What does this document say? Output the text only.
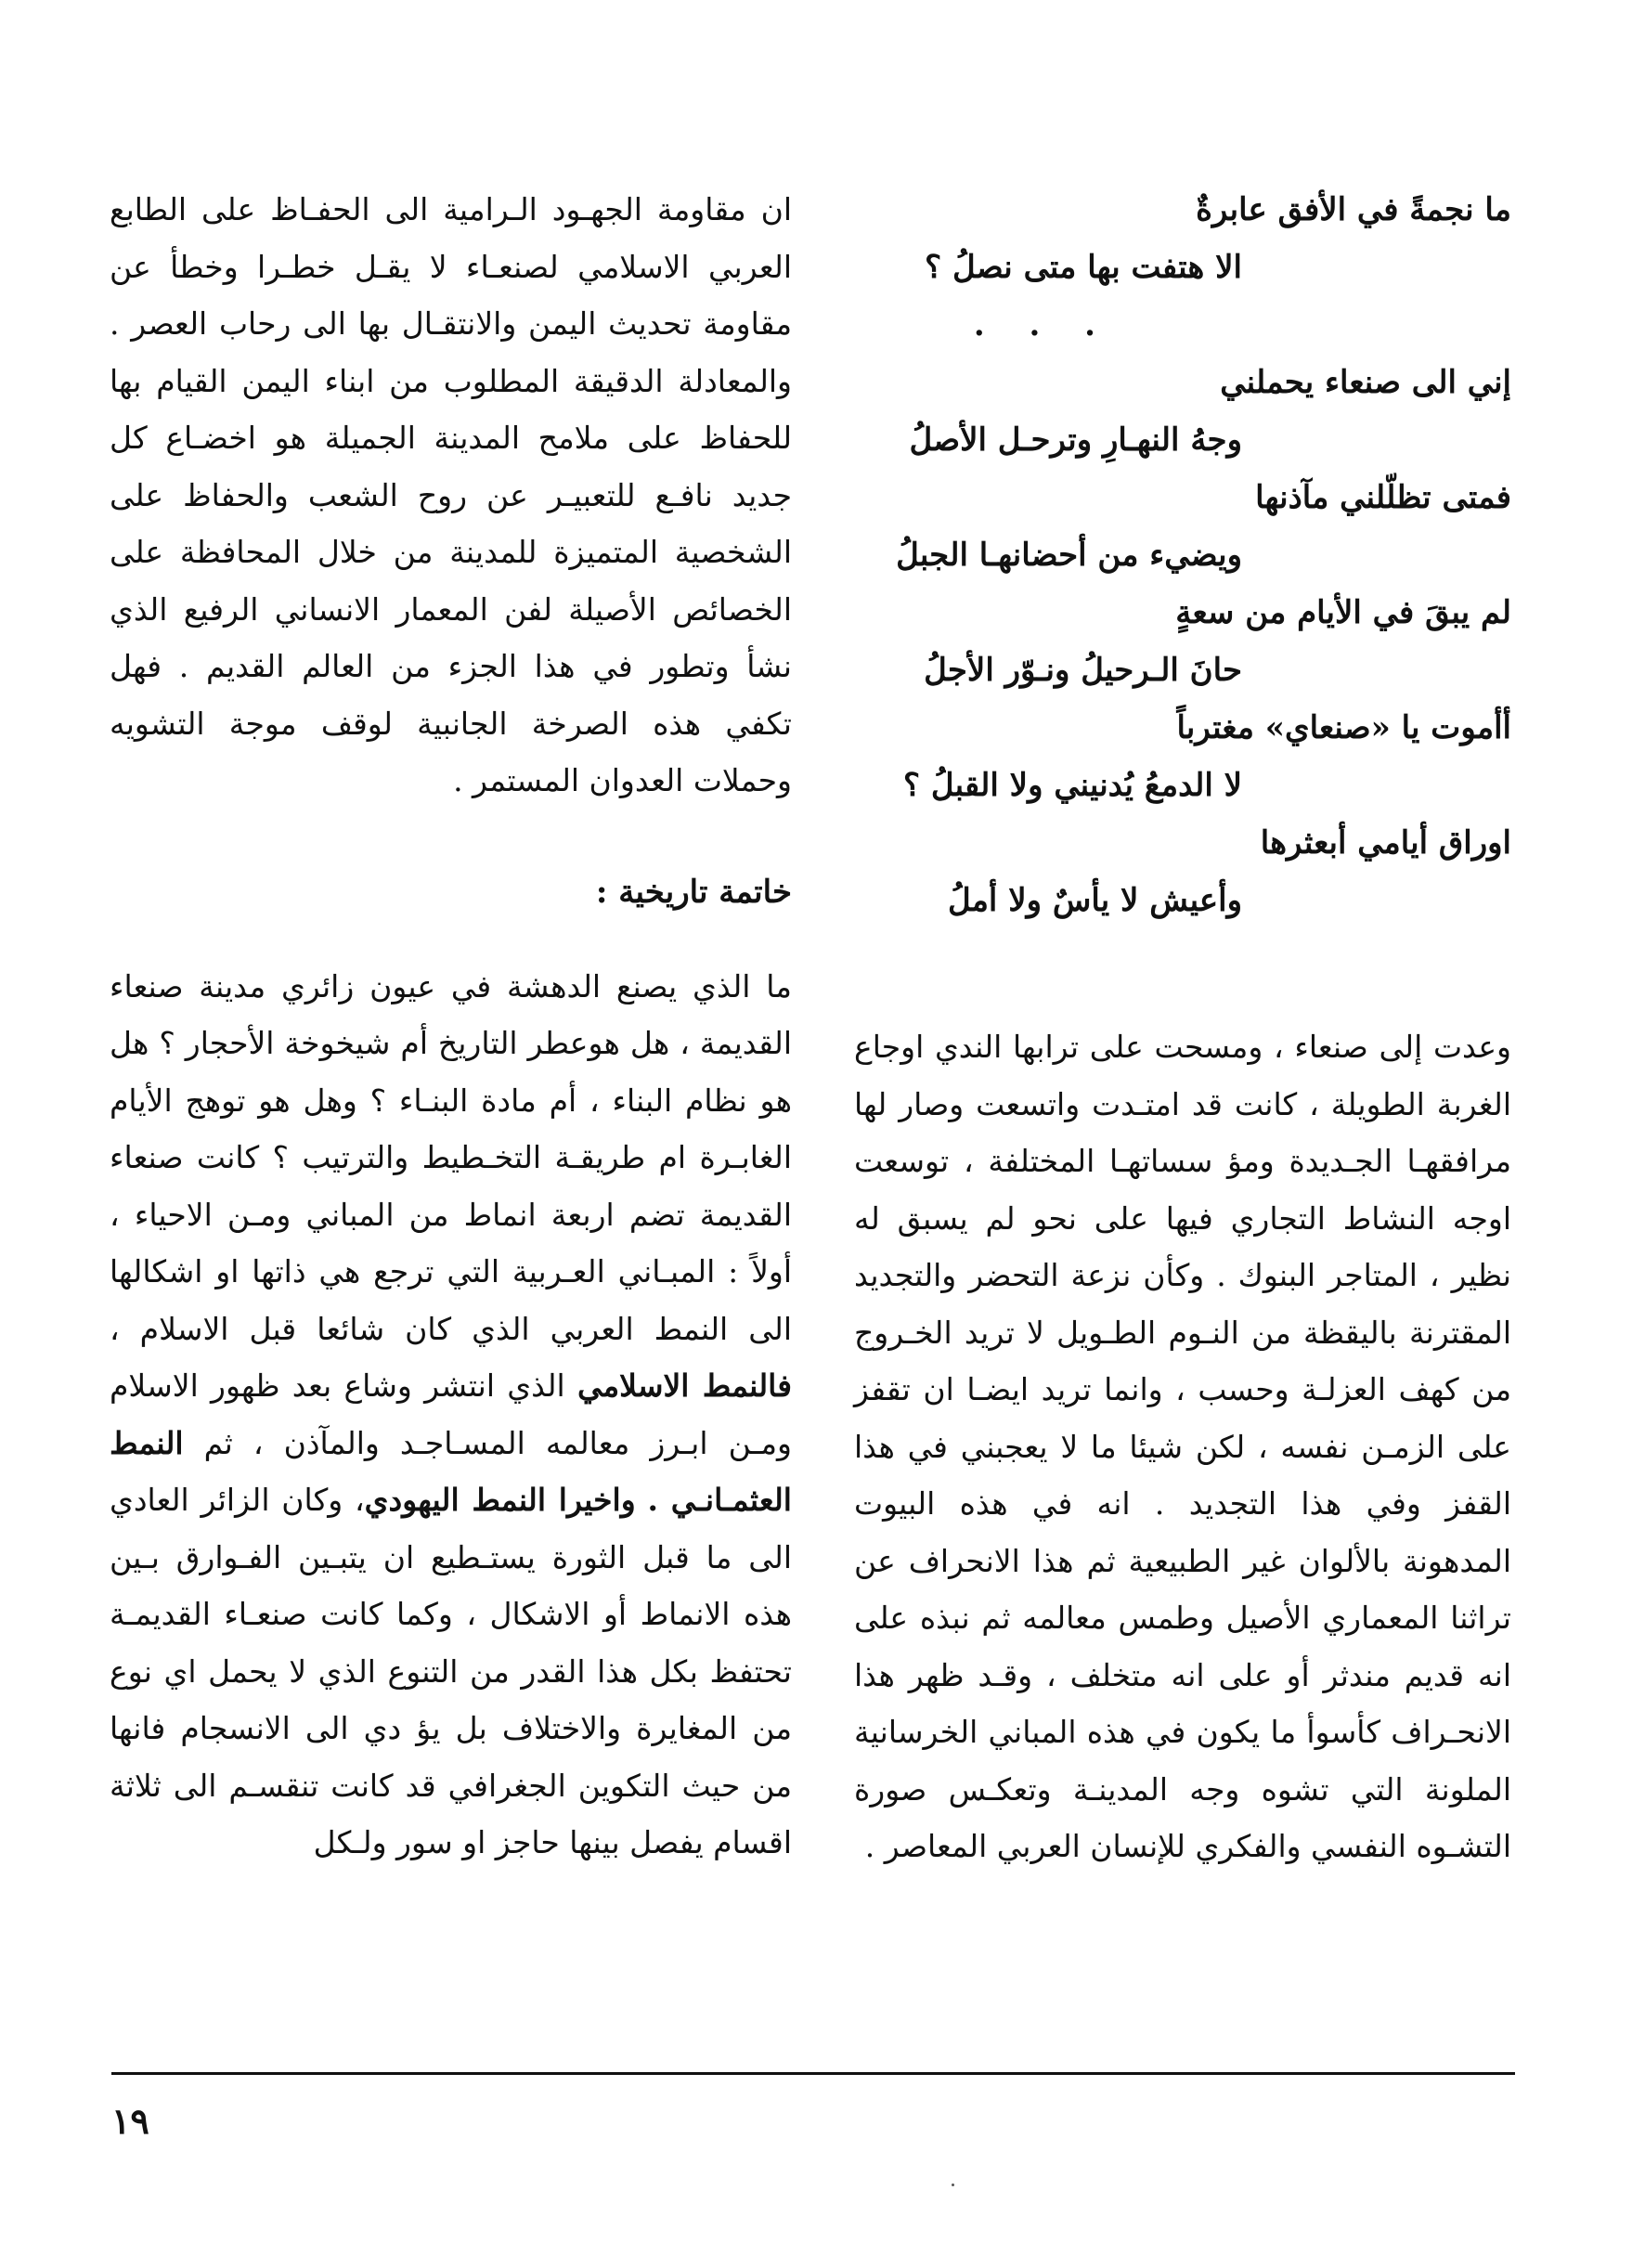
ما نجمةً في الأفق عابرةٌ
الا هتفت بها متى نصلُ ؟
. . .
إني الى صنعاء يحملني
وجهُ النهـارِ وترحـل الأصلُ
فمتى تظلّلني مآذنها
ويضيء من أحضانهـا الجبلُ
لم يبقَ في الأيام من سعةٍ
حانَ الـرحيلُ ونـوّر الأجلُ
أأموت يا «صنعاي» مغترباً
لا الدمعُ يُدنيني ولا القبلُ ؟
اوراق أيامي أبعثرها
وأعيش لا يأسٌ ولا أملُ

وعدت إلى صنعاء ، ومسحت على ترابها الندي اوجاع الغربة الطويلة ، كانت قد امتـدت واتسعت وصار لها مرافقهـا الجـديدة ومؤ سساتهـا المختلفة ، توسعت اوجه النشاط التجاري فيها على نحو لم يسبق له نظير ، المتاجر البنوك . وكأن نزعة التحضر والتجديد المقترنة باليقظة من النـوم الطـويل لا تريد الخـروج من كهف العزلـة وحسب ، وانما تريد ايضـا ان تقفز على الزمـن نفسه ، لكن شيئا ما لا يعجبني في هذا القفز وفي هذا التجديد . انه في هذه البيوت المدهونة بالألوان غير الطبيعية ثم هذا الانحراف عن تراثنا المعماري الأصيل وطمس معالمه ثم نبذه على انه قديم مندثر أو على انه متخلف ، وقـد ظهر هذا الانحـراف كأسوأ ما يكون في هذه المباني الخرسانية الملونة التي تشوه وجه المدينـة وتعكـس صورة التشـوه النفسي والفكري للإنسان العربي المعاصر .

ان مقاومة الجهـود الـرامية الى الحفـاظ على الطابع العربي الاسلامي لصنعـاء لا يقـل خطـرا وخطأ عن مقاومة تحديث اليمن والانتقـال بها الى رحاب العصر . والمعادلة الدقيقة المطلوب من ابناء اليمن القيام بها للحفاظ على ملامح المدينة الجميلة هو اخضـاع كل جديد نافـع للتعبيـر عن روح الشعب والحفاظ على الشخصية المتميزة للمدينة من خلال المحافظة على الخصائص الأصيلة لفن المعمار الانساني الرفيع الذي نشأ وتطور في هذا الجزء من العالم القديم . فهل تكفي هذه الصرخة الجانبية لوقف موجة التشويه وحملات العدوان المستمر .

خاتمة تاريخية :

ما الذي يصنع الدهشة في عيون زائري مدينة صنعاء القديمة ، هل هوعطر التاريخ أم شيخوخة الأحجار ؟ هل هو نظام البناء ، أم مادة البنـاء ؟ وهل هو توهج الأيام الغابـرة ام طريقـة التخـطيط والترتيب ؟ كانت صنعاء القديمة تضم اربعة انماط من المباني ومـن الاحياء ، أولاً : المبـاني العـربية التي ترجع هي ذاتها او اشكالها الى النمط العربي الذي كان شائعا قبل الاسلام ، فالنمط الاسلامي الذي انتشر وشاع بعد ظهور الاسلام ومـن ابـرز معالمه المسـاجـد والمآذن ، ثم النمط العثمـانـي . واخيرا النمط اليهودي، وكان الزائر العادي الى ما قبل الثورة يستـطيع ان يتبـين الفـوارق بـين هذه الانماط أو الاشكال ، وكما كانت صنعـاء القديمـة تحتفظ بكل هذا القدر من التنوع الذي لا يحمل اي نوع من المغايرة والاختلاف بل يؤ دي الى الانسجام فانها من حيث التكوين الجغرافي قد كانت تنقسـم الى ثلاثة اقسام يفصل بينها حاجز او سور ولـكل

١٩
